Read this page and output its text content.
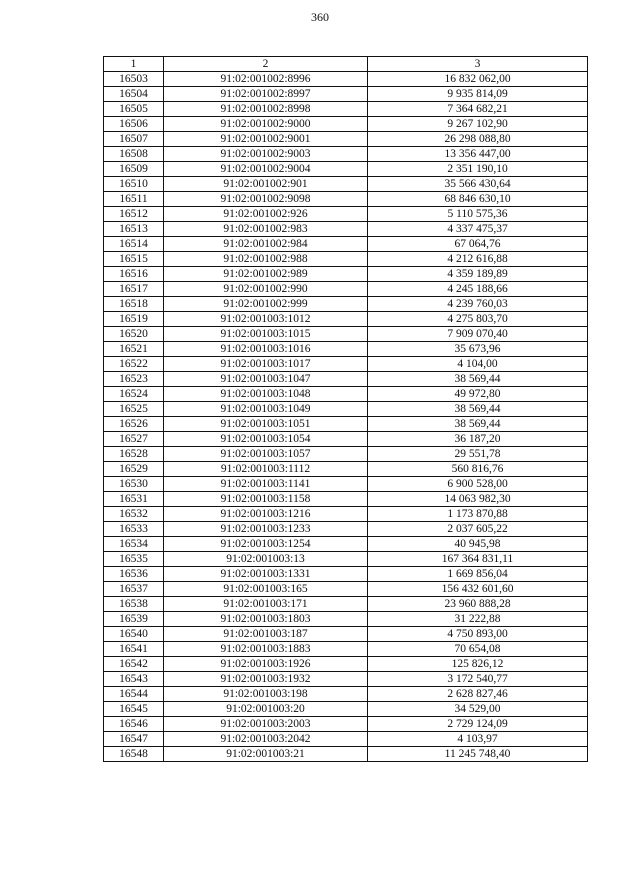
360
1	2	3
16503	91:02:001002:8996	16 832 062,00
16504	91:02:001002:8997	9 935 814,09
16505	91:02:001002:8998	7 364 682,21
16506	91:02:001002:9000	9 267 102,90
16507	91:02:001002:9001	26 298 088,80
16508	91:02:001002:9003	13 356 447,00
16509	91:02:001002:9004	2 351 190,10
16510	91:02:001002:901	35 566 430,64
16511	91:02:001002:9098	68 846 630,10
16512	91:02:001002:926	5 110 575,36
16513	91:02:001002:983	4 337 475,37
16514	91:02:001002:984	67 064,76
16515	91:02:001002:988	4 212 616,88
16516	91:02:001002:989	4 359 189,89
16517	91:02:001002:990	4 245 188,66
16518	91:02:001002:999	4 239 760,03
16519	91:02:001003:1012	4 275 803,70
16520	91:02:001003:1015	7 909 070,40
16521	91:02:001003:1016	35 673,96
16522	91:02:001003:1017	4 104,00
16523	91:02:001003:1047	38 569,44
16524	91:02:001003:1048	49 972,80
16525	91:02:001003:1049	38 569,44
16526	91:02:001003:1051	38 569,44
16527	91:02:001003:1054	36 187,20
16528	91:02:001003:1057	29 551,78
16529	91:02:001003:1112	560 816,76
16530	91:02:001003:1141	6 900 528,00
16531	91:02:001003:1158	14 063 982,30
16532	91:02:001003:1216	1 173 870,88
16533	91:02:001003:1233	2 037 605,22
16534	91:02:001003:1254	40 945,98
16535	91:02:001003:13	167 364 831,11
16536	91:02:001003:1331	1 669 856,04
16537	91:02:001003:165	156 432 601,60
16538	91:02:001003:171	23 960 888,28
16539	91:02:001003:1803	31 222,88
16540	91:02:001003:187	4 750 893,00
16541	91:02:001003:1883	70 654,08
16542	91:02:001003:1926	125 826,12
16543	91:02:001003:1932	3 172 540,77
16544	91:02:001003:198	2 628 827,46
16545	91:02:001003:20	34 529,00
16546	91:02:001003:2003	2 729 124,09
16547	91:02:001003:2042	4 103,97
16548	91:02:001003:21	11 245 748,40
